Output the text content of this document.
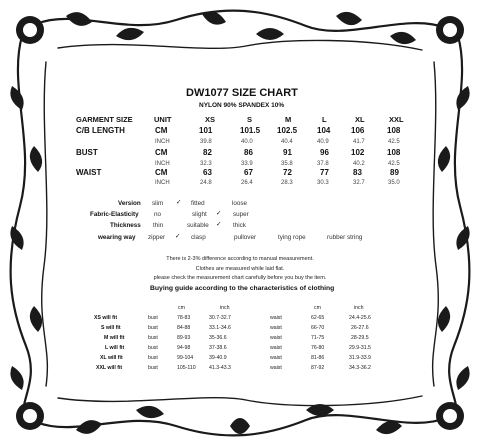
DW1077 SIZE CHART
NYLON 90% SPANDEX 10%
GARMENT SIZE	UNIT	XS	S	M	L	XL	XXL
C/B LENGTH	CM	101	101.5 102.5 104	106	108
INCH	39.8	40.0	40.4	40.9	41.7	42.5
BUST	CM	82	86	91	96	102	108
INCH	32.3	33.9	35.8	37.8	40.2	42.5
WAIST	CM	63	67	72	77	83	89
INCH	24.8	26.4	28.3	30.3	32.7	35.0
Version slim ✓ fitted	loose
Fabric-Elasticity no	slight ✓ super
Thickness thin	suitable ✓ thick
wearing way zipper ✓ clasp	pullover	tying rope	rubber string
There is 2-3% difference according to manual measurement.
Clothes are measured while laid flat.
please check the measurement chart carefully before you buy the item.
Buying guide according to the characteristics of clothing
cm	inch	cm	inch
XS will fit	bust	78-83	30.7-32.7	waist	62-65	24.4-25.6
S will fit	bust	84-88	33.1-34.6	waist	66-70	26-27.6
M will fit	bust	89-93	35-36.6	waist	71-75	28-29.5
L will fit	bust	94-98	37-38.6	waist	76-80	29.9-31.5
XL will fit	bust	99-104	39-40.9	waist	81-86	31.9-33.9
XXL will fit	bust	105-110	41.3-43.3	waist	87-92	34.3-36.2
